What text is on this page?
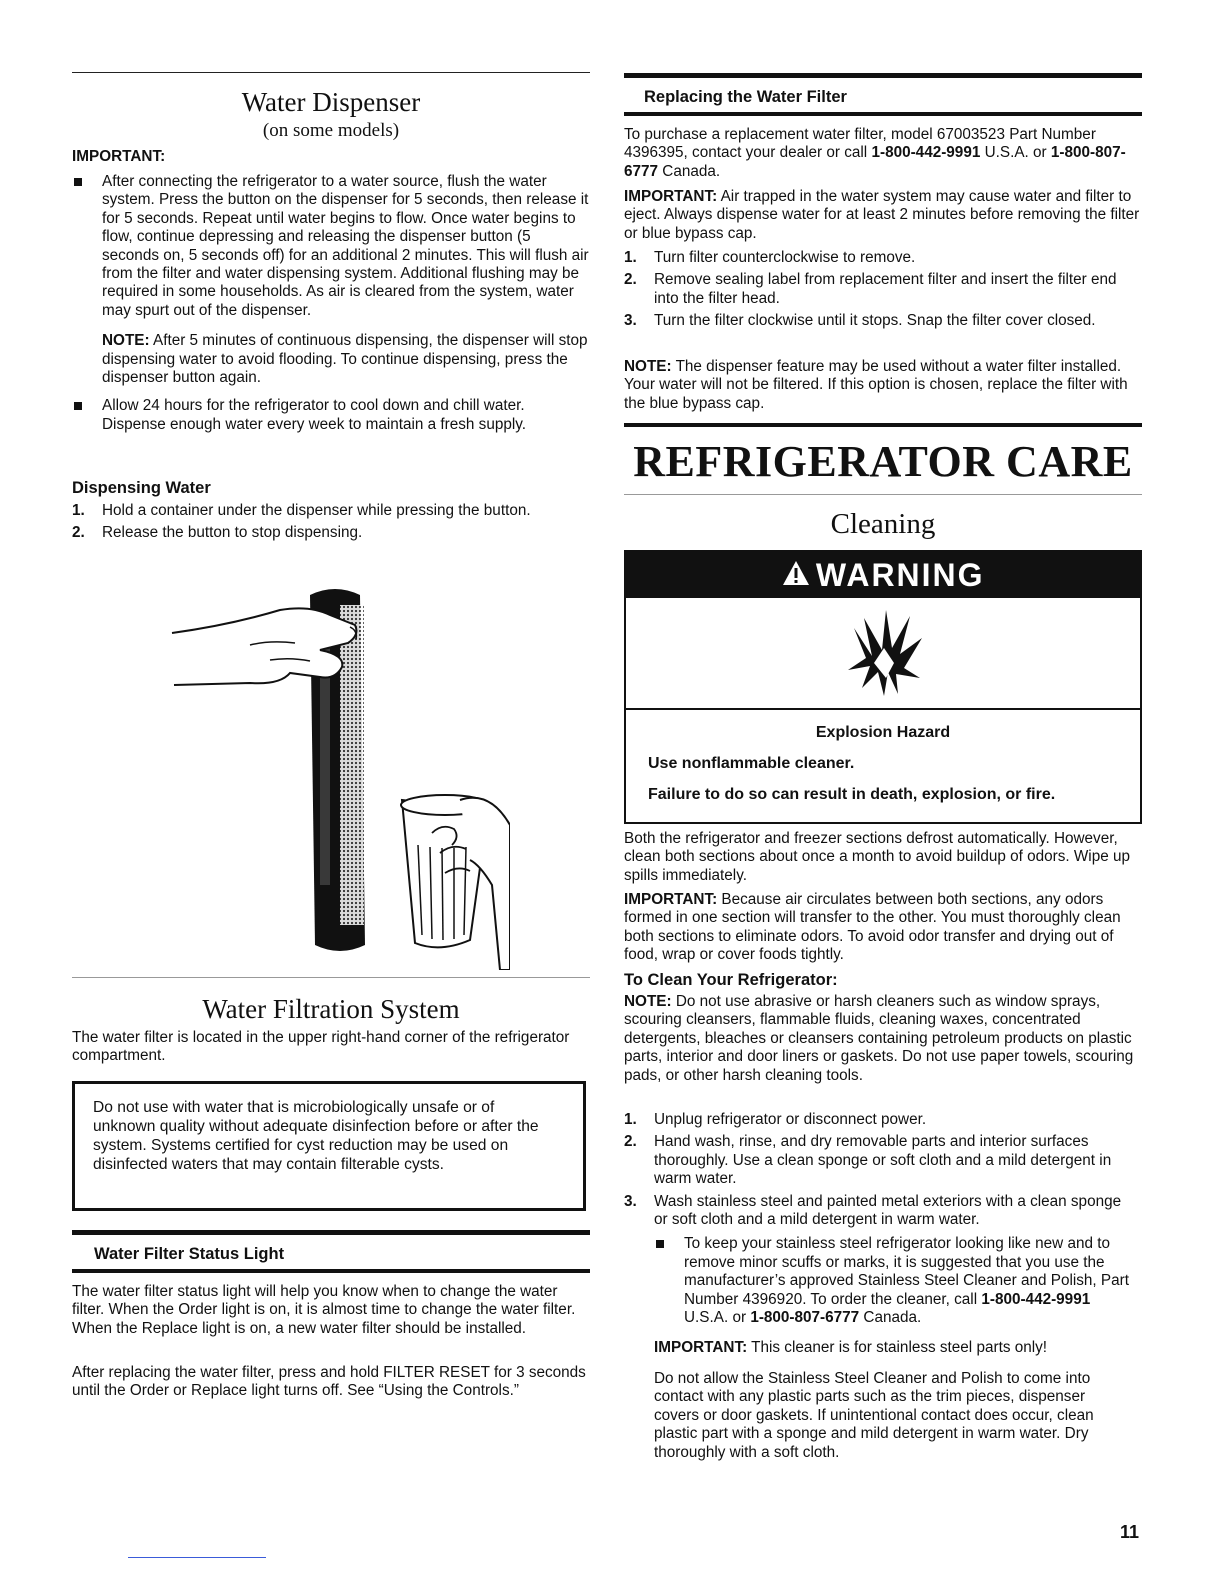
Water Dispenser
(on some models)

IMPORTANT:

After connecting the refrigerator to a water source, flush the water system. Press the button on the dispenser for 5 seconds, then release it for 5 seconds. Repeat until water begins to flow. Once water begins to flow, continue depressing and releasing the dispenser button (5 seconds on, 5 seconds off) for an additional 2 minutes. This will flush air from the filter and water dispensing system. Additional flushing may be required in some households. As air is cleared from the system, water may spurt out of the dispenser.

NOTE: After 5 minutes of continuous dispensing, the dispenser will stop dispensing water to avoid flooding. To continue dispensing, press the dispenser button again.

Allow 24 hours for the refrigerator to cool down and chill water. Dispense enough water every week to maintain a fresh supply.
Dispensing Water
1. Hold a container under the dispenser while pressing the button.
2. Release the button to stop dispensing.
Water Filtration System

The water filter is located in the upper right-hand corner of the refrigerator compartment.

Do not use with water that is microbiologically unsafe or of unknown quality without adequate disinfection before or after the system. Systems certified for cyst reduction may be used on disinfected waters that may contain filterable cysts.

Water Filter Status Light

The water filter status light will help you know when to change the water filter. When the Order light is on, it is almost time to change the water filter. When the Replace light is on, a new water filter should be installed.

After replacing the water filter, press and hold FILTER RESET for 3 seconds until the Order or Replace light turns off. See “Using the Controls.”

Replacing the Water Filter

To purchase a replacement water filter, model 67003523 Part Number 4396395, contact your dealer or call 1-800-442-9991 U.S.A. or 1-800-807-6777 Canada.

IMPORTANT: Air trapped in the water system may cause water and filter to eject. Always dispense water for at least 2 minutes before removing the filter or blue bypass cap.

1. Turn filter counterclockwise to remove.
2. Remove sealing label from replacement filter and insert the filter end into the filter head.
3. Turn the filter clockwise until it stops. Snap the filter cover closed.

NOTE: The dispenser feature may be used without a water filter installed. Your water will not be filtered. If this option is chosen, replace the filter with the blue bypass cap.

REFRIGERATOR CARE
Cleaning
WARNING
Explosion Hazard
Use nonflammable cleaner.
Failure to do so can result in death, explosion, or fire.

Both the refrigerator and freezer sections defrost automatically. However, clean both sections about once a month to avoid buildup of odors. Wipe up spills immediately.

IMPORTANT: Because air circulates between both sections, any odors formed in one section will transfer to the other. You must thoroughly clean both sections to eliminate odors. To avoid odor transfer and drying out of food, wrap or cover foods tightly.

To Clean Your Refrigerator:

NOTE: Do not use abrasive or harsh cleaners such as window sprays, scouring cleansers, flammable fluids, cleaning waxes, concentrated detergents, bleaches or cleansers containing petroleum products on plastic parts, interior and door liners or gaskets. Do not use paper towels, scouring pads, or other harsh cleaning tools.

1. Unplug refrigerator or disconnect power.
2. Hand wash, rinse, and dry removable parts and interior surfaces thoroughly. Use a clean sponge or soft cloth and a mild detergent in warm water.
3. Wash stainless steel and painted metal exteriors with a clean sponge or soft cloth and a mild detergent in warm water.
To keep your stainless steel refrigerator looking like new and to remove minor scuffs or marks, it is suggested that you use the manufacturer’s approved Stainless Steel Cleaner and Polish, Part Number 4396920. To order the cleaner, call 1-800-442-9991 U.S.A. or 1-800-807-6777 Canada.

IMPORTANT: This cleaner is for stainless steel parts only!

Do not allow the Stainless Steel Cleaner and Polish to come into contact with any plastic parts such as the trim pieces, dispenser covers or door gaskets. If unintentional contact does occur, clean plastic part with a sponge and mild detergent in warm water. Dry thoroughly with a soft cloth.

11
